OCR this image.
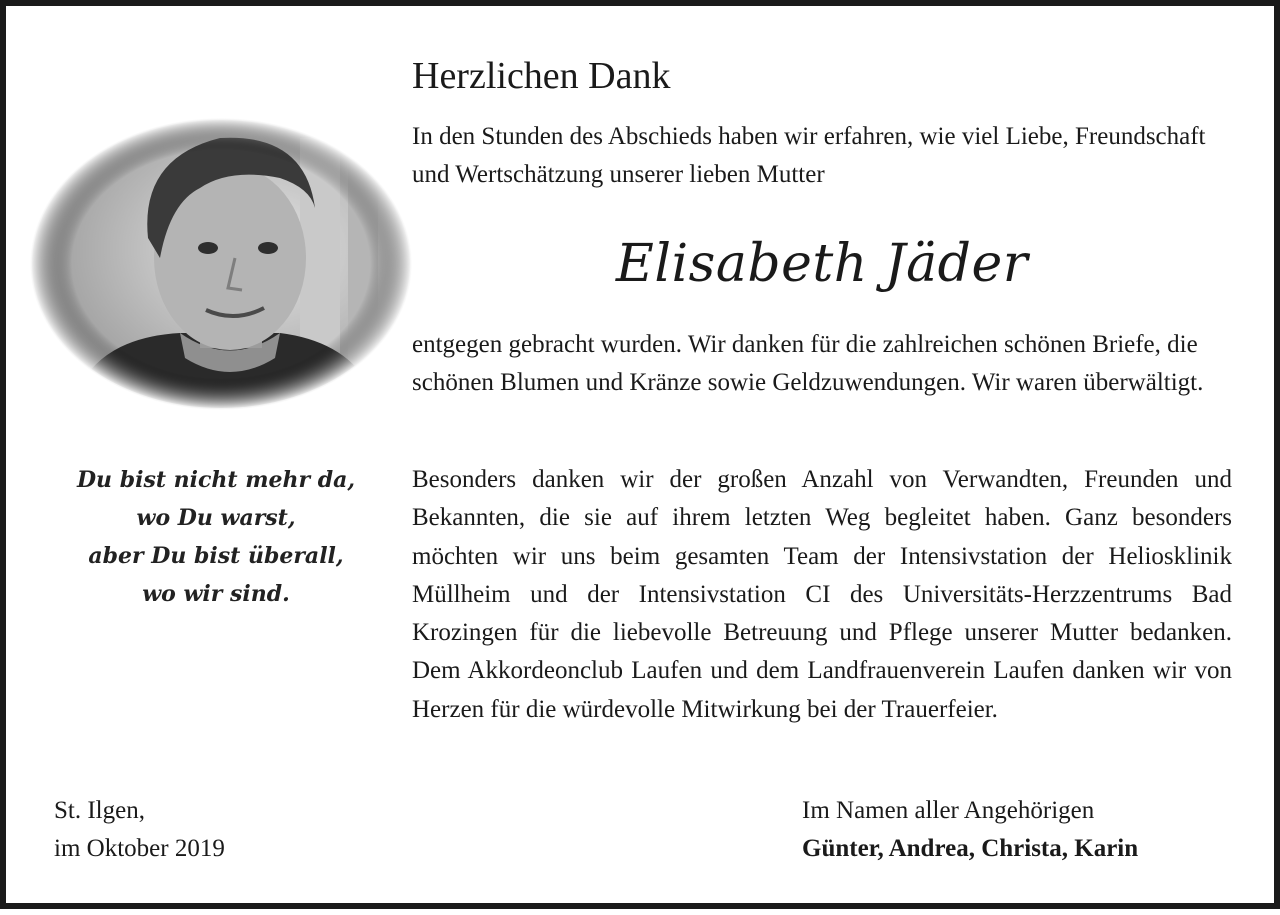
Herzlichen Dank

In den Stunden des Abschieds haben wir erfahren, wie viel Liebe, Freundschaft und Wertschätzung unserer lieben Mutter

Elisabeth Jäder

entgegen gebracht wurden. Wir danken für die zahlreichen schönen Briefe, die schönen Blumen und Kränze sowie Geldzuwendungen. Wir waren überwältigt.

Besonders danken wir der großen Anzahl von Verwandten, Freunden und Bekannten, die sie auf ihrem letzten Weg begleitet haben. Ganz besonders möchten wir uns beim gesamten Team der Intensivstation der Heliosklinik Müllheim und der Intensivstation CI des Universitäts-Herzzentrums Bad Krozingen für die liebevolle Betreuung und Pflege unserer Mutter bedanken. Dem Akkordeonclub Laufen und dem Landfrauenverein Laufen danken wir von Herzen für die würdevolle Mitwirkung bei der Trauerfeier.

Du bist nicht mehr da,
wo Du warst,
aber Du bist überall,
wo wir sind.

St. Ilgen,
im Oktober 2019

Im Namen aller Angehörigen
Günter, Andrea, Christa, Karin
